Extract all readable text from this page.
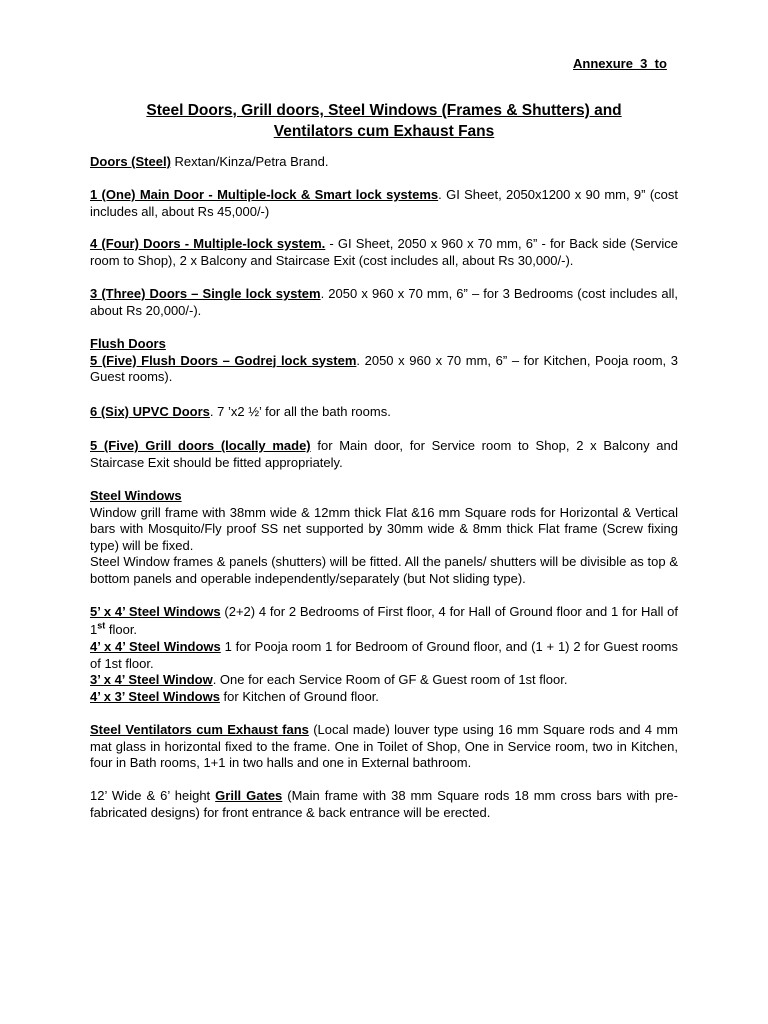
Annexure  3  to
Steel Doors, Grill doors, Steel Windows (Frames & Shutters) and
Ventilators cum Exhaust Fans

Doors (Steel) Rextan/Kinza/Petra Brand.

1 (One) Main Door - Multiple-lock & Smart lock systems. GI Sheet, 2050x1200 x 90 mm, 9” (cost includes all, about Rs 45,000/-)

4 (Four) Doors - Multiple-lock system. - GI Sheet, 2050 x 960 x 70 mm, 6” - for Back side (Service room to Shop), 2 x Balcony and Staircase Exit (cost includes all, about Rs 30,000/-).

3 (Three) Doors – Single lock system. 2050 x 960 x 70 mm, 6” – for 3 Bedrooms (cost includes all, about Rs 20,000/-).

Flush Doors

5 (Five) Flush Doors – Godrej lock system. 2050 x 960 x 70 mm, 6” – for Kitchen, Pooja room, 3 Guest rooms).

6 (Six) UPVC Doors. 7 ’x2 ½’ for all the bath rooms.

5 (Five) Grill doors (locally made) for Main door, for Service room to Shop, 2 x Balcony and Staircase Exit should be fitted appropriately.

Steel Windows

Window grill frame with 38mm wide & 12mm thick Flat &16 mm Square rods for Horizontal & Vertical bars with Mosquito/Fly proof SS net supported by 30mm wide & 8mm thick Flat frame (Screw fixing type) will be fixed.

Steel Window frames & panels (shutters) will be fitted. All the panels/ shutters will be divisible as top & bottom panels and operable independently/separately (but Not sliding type).

5’ x 4’ Steel Windows (2+2) 4 for 2 Bedrooms of First floor, 4 for Hall of Ground floor and 1 for Hall of 1st floor.

4’ x 4’ Steel Windows 1 for Pooja room 1 for Bedroom of Ground floor, and (1 + 1) 2 for Guest rooms of 1st floor.

3’ x 4’ Steel Window. One for each Service Room of GF & Guest room of 1st floor.

4’ x 3’ Steel Windows for Kitchen of Ground floor.

Steel Ventilators cum Exhaust fans (Local made) louver type using 16 mm Square rods and 4 mm mat glass in horizontal fixed to the frame. One in Toilet of Shop, One in Service room, two in Kitchen, four in Bath rooms, 1+1 in two halls and one in External bathroom.

12’ Wide & 6’ height Grill Gates (Main frame with 38 mm Square rods 18 mm cross bars with pre-fabricated designs) for front entrance & back entrance will be erected.
